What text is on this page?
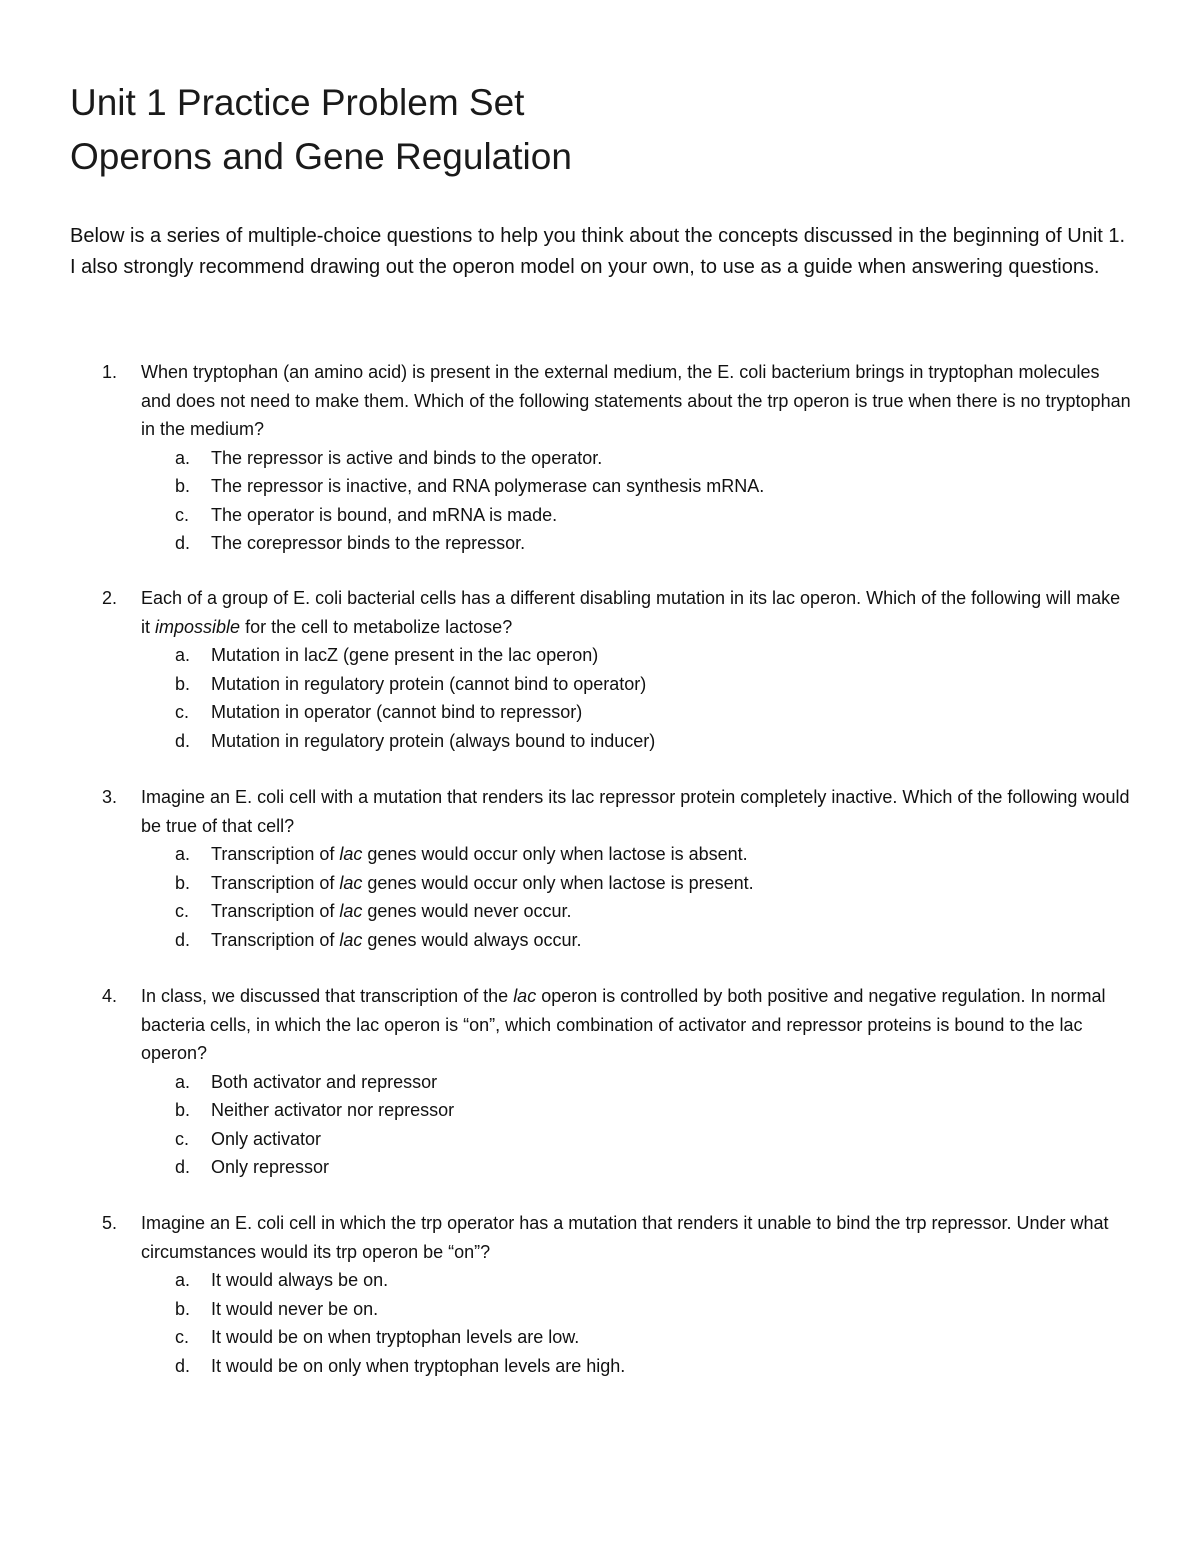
Unit 1 Practice Problem Set
Operons and Gene Regulation

Below is a series of multiple-choice questions to help you think about the concepts discussed in the beginning of Unit 1. I also strongly recommend drawing out the operon model on your own, to use as a guide when answering questions.

1. When tryptophan (an amino acid) is present in the external medium, the E. coli bacterium brings in tryptophan molecules and does not need to make them. Which of the following statements about the trp operon is true when there is no tryptophan in the medium?
a. The repressor is active and binds to the operator.
b. The repressor is inactive, and RNA polymerase can synthesis mRNA.
c. The operator is bound, and mRNA is made.
d. The corepressor binds to the repressor.
2. Each of a group of E. coli bacterial cells has a different disabling mutation in its lac operon. Which of the following will make it impossible for the cell to metabolize lactose?
a. Mutation in lacZ (gene present in the lac operon)
b. Mutation in regulatory protein (cannot bind to operator)
c. Mutation in operator (cannot bind to repressor)
d. Mutation in regulatory protein (always bound to inducer)
3. Imagine an E. coli cell with a mutation that renders its lac repressor protein completely inactive. Which of the following would be true of that cell?
a. Transcription of lac genes would occur only when lactose is absent.
b. Transcription of lac genes would occur only when lactose is present.
c. Transcription of lac genes would never occur.
d. Transcription of lac genes would always occur.
4. In class, we discussed that transcription of the lac operon is controlled by both positive and negative regulation. In normal bacteria cells, in which the lac operon is “on”, which combination of activator and repressor proteins is bound to the lac operon?
a. Both activator and repressor
b. Neither activator nor repressor
c. Only activator
d. Only repressor
5. Imagine an E. coli cell in which the trp operator has a mutation that renders it unable to bind the trp repressor. Under what circumstances would its trp operon be “on”?
a. It would always be on.
b. It would never be on.
c. It would be on when tryptophan levels are low.
d. It would be on only when tryptophan levels are high.
